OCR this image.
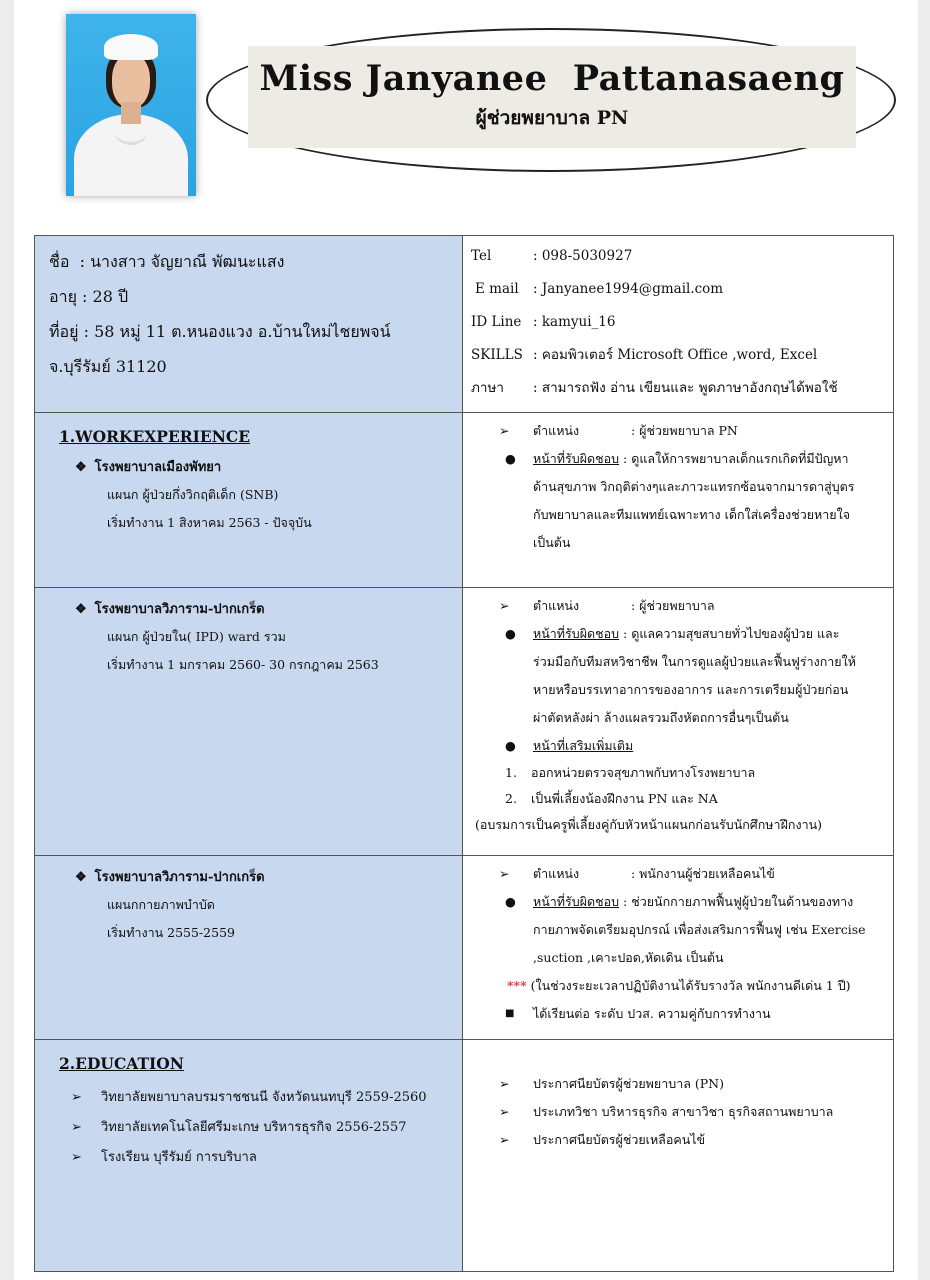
Miss Janyanee  Pattanasaeng
ผู้ช่วยพยาบาล PN
ชื่อ : นางสาว จัญยาณี พัฒนะแสง
อายุ : 28 ปี
ที่อยู่ : 58 หมู่ 11 ต.หนองแวง อ.บ้านใหม่ไชยพจน์
จ.บุรีรัมย์ 31120
Tel	: 098-5030927
E mail : Janyanee1994@gmail.com
ID Line : kamyui_16
SKILLS : คอมพิวเตอร์ Microsoft Office ,word, Excel
ภาษา : สามารถฟัง อ่าน เขียนและ พูดภาษาอังกฤษได้พอใช้
1.WORKEXPERIENCE
❖ โรงพยาบาลเมืองพัทยา
แผนก ผู้ป่วยกึ่งวิกฤติเด็ก (SNB)
เริ่มทำงาน 1 สิงหาคม 2563 - ปัจจุบัน
➢ ตำแหน่ง	: ผู้ช่วยพยาบาล PN
● หน้าที่รับผิดชอบ : ดูแลให้การพยาบาลเด็กแรกเกิดที่มีปัญหา
ด้านสุขภาพ วิกฤติต่างๆและภาวะแทรกซ้อนจากมารดาสู่บุตร
กับพยาบาลและทีมแพทย์เฉพาะทาง เด็กใส่เครื่องช่วยหายใจ
เป็นต้น
❖ โรงพยาบาลวิภาราม-ปากเกร็ด
แผนก ผู้ป่วยใน( IPD) ward รวม
เริ่มทำงาน 1 มกราคม 2560- 30 กรกฎาคม 2563
➢ ตำแหน่ง	: ผู้ช่วยพยาบาล
● หน้าที่รับผิดชอบ : ดูแลความสุขสบายทั่วไปของผู้ป่วย และ
ร่วมมือกับทีมสหวิชาชีพ ในการดูแลผู้ป่วยและฟื้นฟูร่างกายให้
หายหรือบรรเทาอาการของอาการ และการเตรียมผู้ป่วยก่อน
ผ่าตัดหลังผ่า ล้างแผลรวมถึงหัตถการอื่นๆเป็นต้น
● หน้าที่เสริมเพิ่มเติม
1. ออกหน่วยตรวจสุขภาพกับทางโรงพยาบาล
2. เป็นพี่เลี้ยงน้องฝึกงาน PN และ NA
(อบรมการเป็นครูพี่เลี้ยงคู่กับหัวหน้าแผนกก่อนรับนักศึกษาฝึกงาน)
❖ โรงพยาบาลวิภาราม-ปากเกร็ด
แผนกกายภาพบำบัด
เริ่มทำงาน 2555-2559
➢ ตำแหน่ง	: พนักงานผู้ช่วยเหลือคนไข้
● หน้าที่รับผิดชอบ : ช่วยนักกายภาพฟื้นฟูผู้ป่วยในด้านของทาง
กายภาพจัดเตรียมอุปกรณ์ เพื่อส่งเสริมการฟื้นฟู เช่น Exercise
,suction ,เคาะปอด,หัดเดิน เป็นต้น
*** (ในช่วงระยะเวลาปฏิบัติงานได้รับรางวัล พนักงานดีเด่น 1 ปี)
■ ได้เรียนต่อ ระดับ ปวส. ความคู่กับการทำงาน
2.EDUCATION
➢ วิทยาลัยพยาบาลบรมราชชนนี จังหวัดนนทบุรี 2559-2560
➢ วิทยาลัยเทคโนโลยีศรีมะเกษ บริหารธุรกิจ 2556-2557
➢ โรงเรียน บุรีรัมย์ การบริบาล
➢ ประกาศนียบัตรผู้ช่วยพยาบาล (PN)
➢ ประเภทวิชา บริหารธุรกิจ สาขาวิชา ธุรกิจสถานพยาบาล
➢ ประกาศนียบัตรผู้ช่วยเหลือคนไข้
